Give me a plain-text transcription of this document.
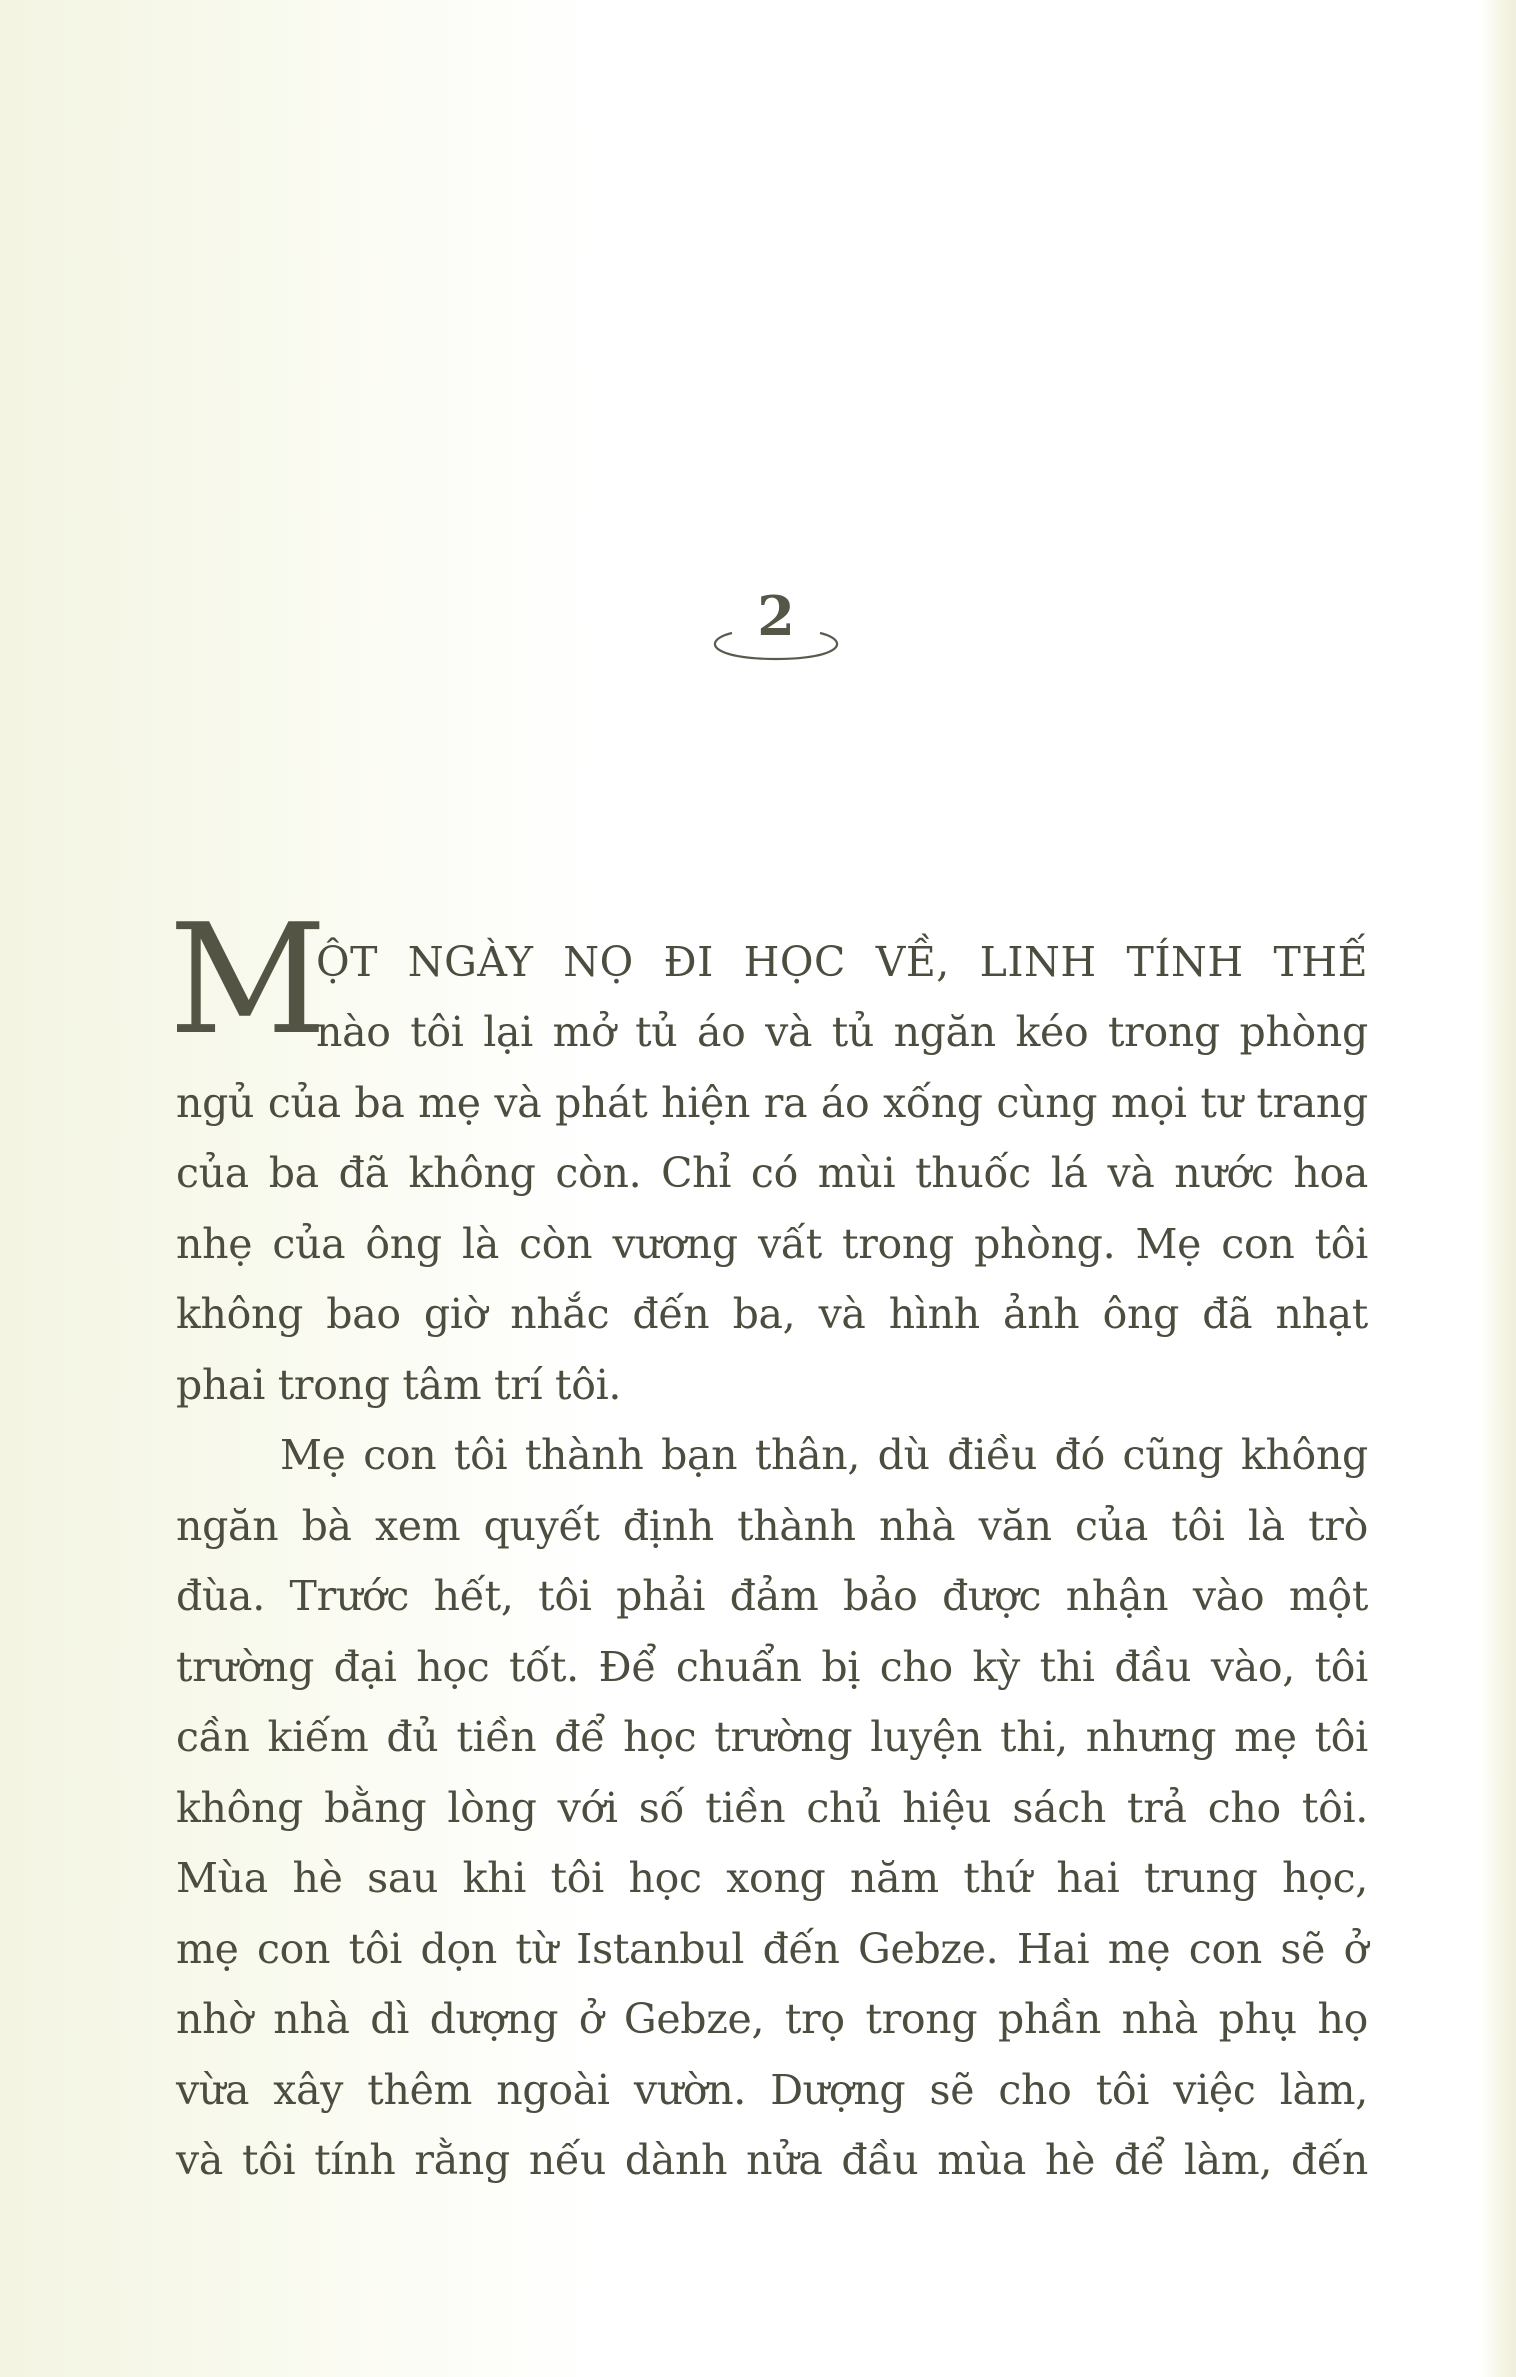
2
M
ỘT NGÀY NỌ ĐI HỌC VỀ, LINH TÍNH THẾ
nào tôi lại mở tủ áo và tủ ngăn kéo trong phòng
ngủ của ba mẹ và phát hiện ra áo xống cùng mọi tư trang
của ba đã không còn. Chỉ có mùi thuốc lá và nước hoa
nhẹ của ông là còn vương vất trong phòng. Mẹ con tôi
không bao giờ nhắc đến ba, và hình ảnh ông đã nhạt
phai trong tâm trí tôi.
Mẹ con tôi thành bạn thân, dù điều đó cũng không
ngăn bà xem quyết định thành nhà văn của tôi là trò
đùa. Trước hết, tôi phải đảm bảo được nhận vào một
trường đại học tốt. Để chuẩn bị cho kỳ thi đầu vào, tôi
cần kiếm đủ tiền để học trường luyện thi, nhưng mẹ tôi
không bằng lòng với số tiền chủ hiệu sách trả cho tôi.
Mùa hè sau khi tôi học xong năm thứ hai trung học,
mẹ con tôi dọn từ Istanbul đến Gebze. Hai mẹ con sẽ ở
nhờ nhà dì dượng ở Gebze, trọ trong phần nhà phụ họ
vừa xây thêm ngoài vườn. Dượng sẽ cho tôi việc làm,
và tôi tính rằng nếu dành nửa đầu mùa hè để làm, đến
